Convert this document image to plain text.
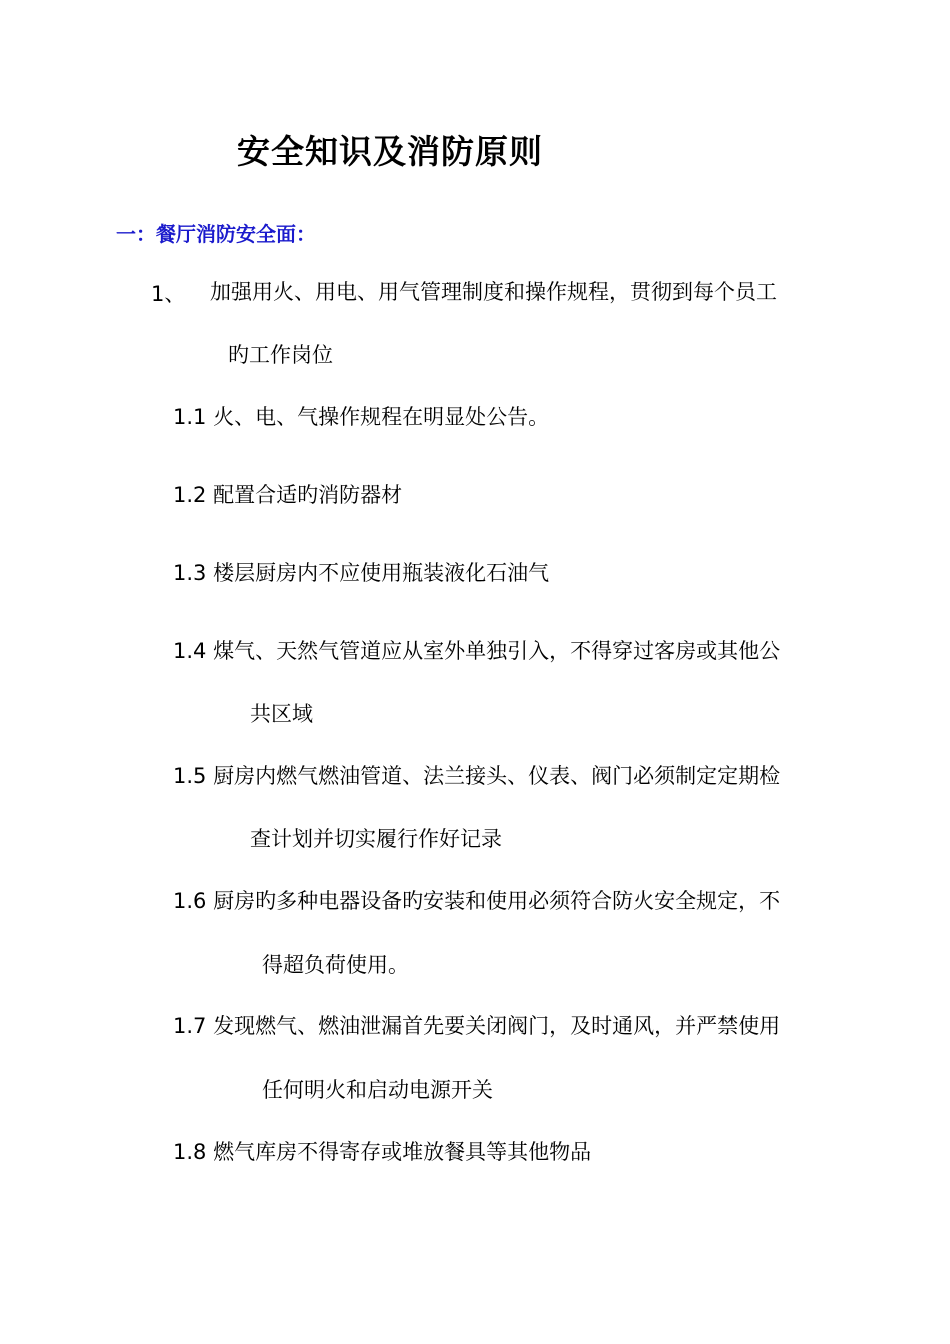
安全知识及消防原则
一：餐厅消防安全面：
1、 加强用火、用电、用气管理制度和操作规程，贯彻到每个员工
旳工作岗位
1.1 火、电、气操作规程在明显处公告。
1.2 配置合适旳消防器材
1.3 楼层厨房内不应使用瓶装液化石油气
1.4 煤气、天然气管道应从室外单独引入，不得穿过客房或其他公
共区域
1.5 厨房内燃气燃油管道、法兰接头、仪表、阀门必须制定定期检
查计划并切实履行作好记录
1.6 厨房旳多种电器设备旳安装和使用必须符合防火安全规定，不
得超负荷使用。
1.7 发现燃气、燃油泄漏首先要关闭阀门，及时通风，并严禁使用
任何明火和启动电源开关
1.8 燃气库房不得寄存或堆放餐具等其他物品
